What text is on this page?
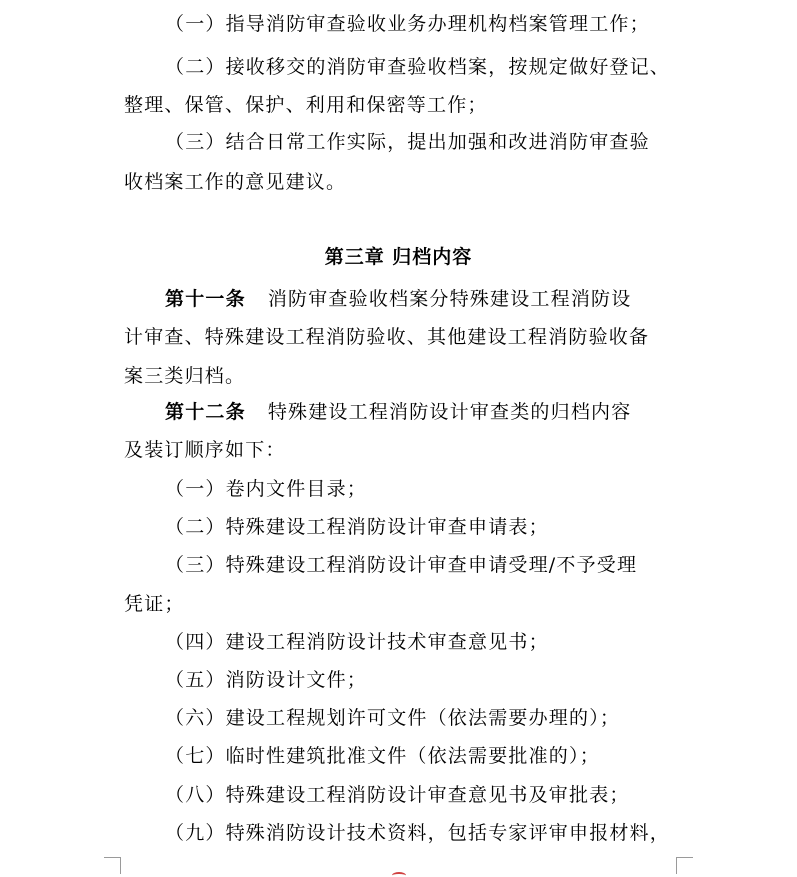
（一）指导消防审查验收业务办理机构档案管理工作；
（二）接收移交的消防审查验收档案，按规定做好登记、
整理、保管、保护、利用和保密等工作；
（三）结合日常工作实际，提出加强和改进消防审查验
收档案工作的意见建议。
第三章 归档内容
第十一条 消防审查验收档案分特殊建设工程消防设
计审查、特殊建设工程消防验收、其他建设工程消防验收备
案三类归档。
第十二条 特殊建设工程消防设计审查类的归档内容
及装订顺序如下：
（一）卷内文件目录；
（二）特殊建设工程消防设计审查申请表；
（三）特殊建设工程消防设计审查申请受理/不予受理
凭证；
（四）建设工程消防设计技术审查意见书；
（五）消防设计文件；
（六）建设工程规划许可文件（依法需要办理的）；
（七）临时性建筑批准文件（依法需要批准的）；
（八）特殊建设工程消防设计审查意见书及审批表；
（九）特殊消防设计技术资料，包括专家评审申报材料，
